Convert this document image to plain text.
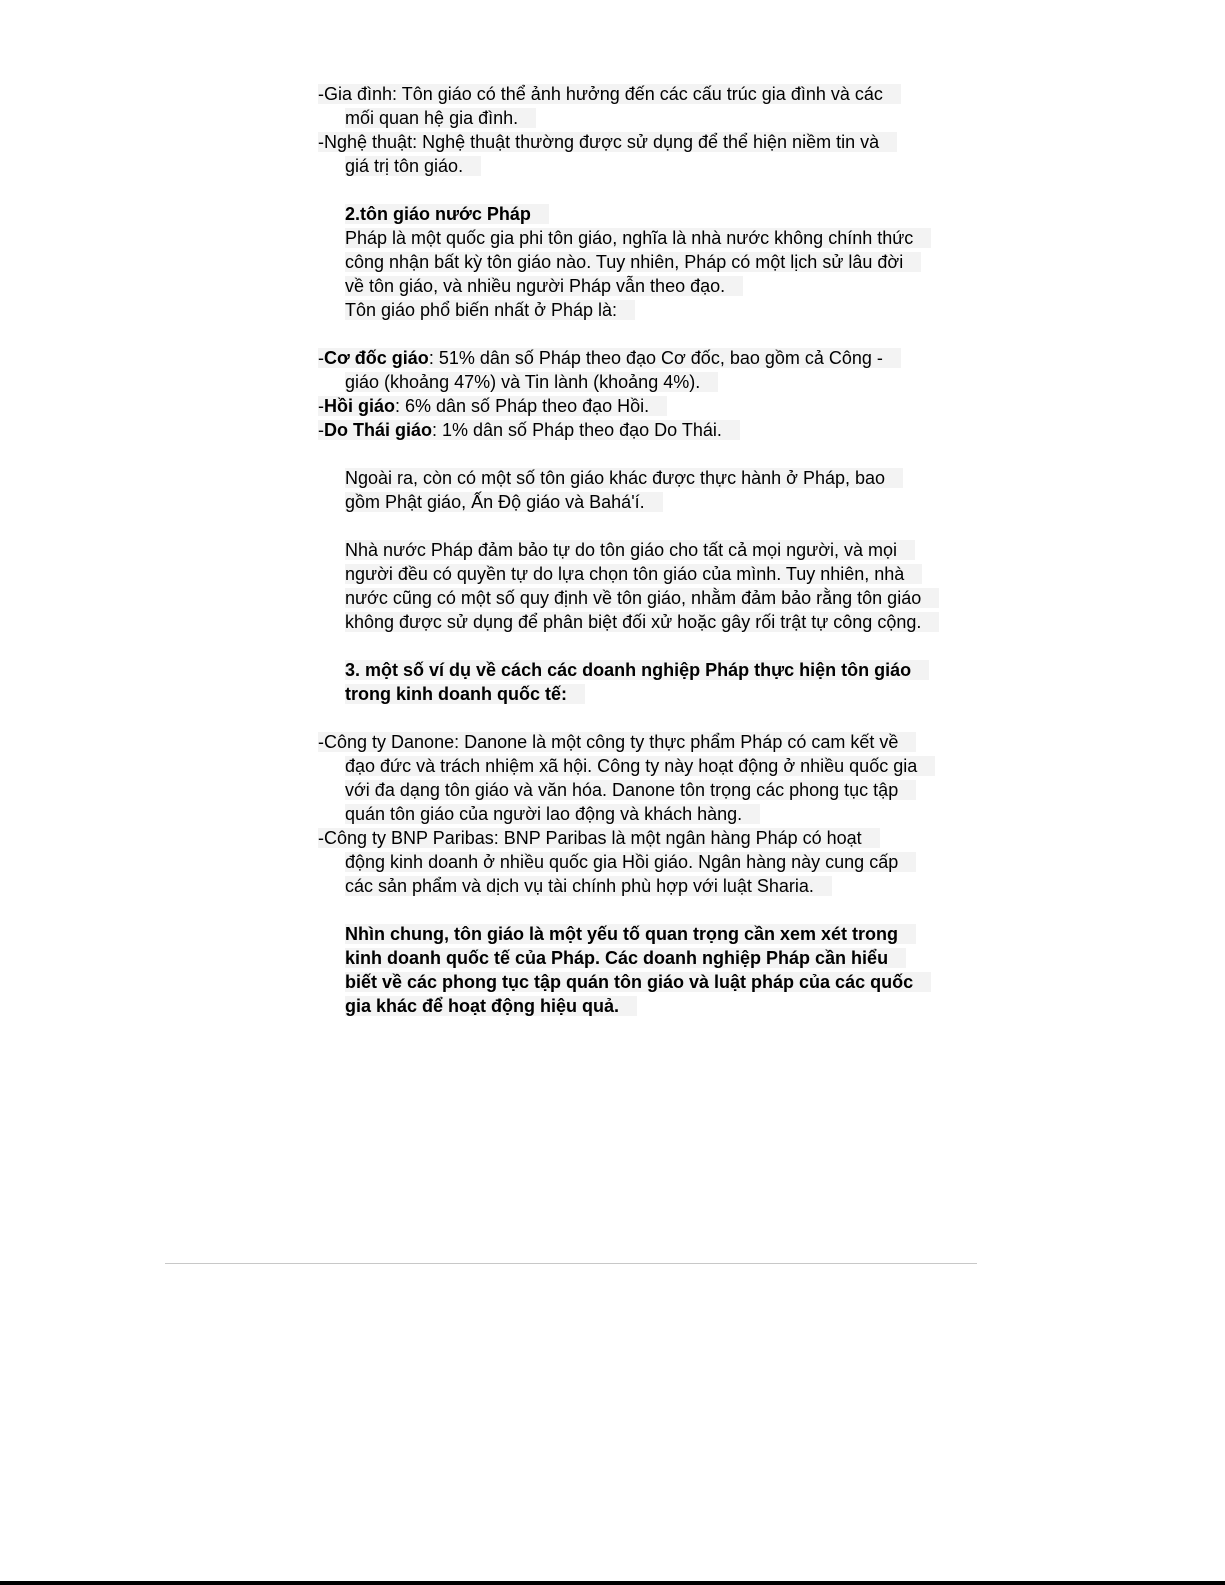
-Gia đình: Tôn giáo có thể ảnh hưởng đến các cấu trúc gia đình và các
mối quan hệ gia đình.
-Nghệ thuật: Nghệ thuật thường được sử dụng để thể hiện niềm tin và
giá trị tôn giáo.
2.tôn giáo nước Pháp
Pháp là một quốc gia phi tôn giáo, nghĩa là nhà nước không chính thức
công nhận bất kỳ tôn giáo nào. Tuy nhiên, Pháp có một lịch sử lâu đời
về tôn giáo, và nhiều người Pháp vẫn theo đạo.
Tôn giáo phổ biến nhất ở Pháp là:
-Cơ đốc giáo: 51% dân số Pháp theo đạo Cơ đốc, bao gồm cả Công -
giáo (khoảng 47%) và Tin lành (khoảng 4%).
-Hồi giáo: 6% dân số Pháp theo đạo Hồi.
-Do Thái giáo: 1% dân số Pháp theo đạo Do Thái.
Ngoài ra, còn có một số tôn giáo khác được thực hành ở Pháp, bao
gồm Phật giáo, Ấn Độ giáo và Bahá'í.
Nhà nước Pháp đảm bảo tự do tôn giáo cho tất cả mọi người, và mọi
người đều có quyền tự do lựa chọn tôn giáo của mình. Tuy nhiên, nhà
nước cũng có một số quy định về tôn giáo, nhằm đảm bảo rằng tôn giáo
không được sử dụng để phân biệt đối xử hoặc gây rối trật tự công cộng.
3. một số ví dụ về cách các doanh nghiệp Pháp thực hiện tôn giáo
trong kinh doanh quốc tế:
-Công ty Danone: Danone là một công ty thực phẩm Pháp có cam kết về
đạo đức và trách nhiệm xã hội. Công ty này hoạt động ở nhiều quốc gia
với đa dạng tôn giáo và văn hóa. Danone tôn trọng các phong tục tập
quán tôn giáo của người lao động và khách hàng.
-Công ty BNP Paribas: BNP Paribas là một ngân hàng Pháp có hoạt
động kinh doanh ở nhiều quốc gia Hồi giáo. Ngân hàng này cung cấp
các sản phẩm và dịch vụ tài chính phù hợp với luật Sharia.
Nhìn chung, tôn giáo là một yếu tố quan trọng cần xem xét trong
kinh doanh quốc tế của Pháp. Các doanh nghiệp Pháp cần hiểu
biết về các phong tục tập quán tôn giáo và luật pháp của các quốc
gia khác để hoạt động hiệu quả.
